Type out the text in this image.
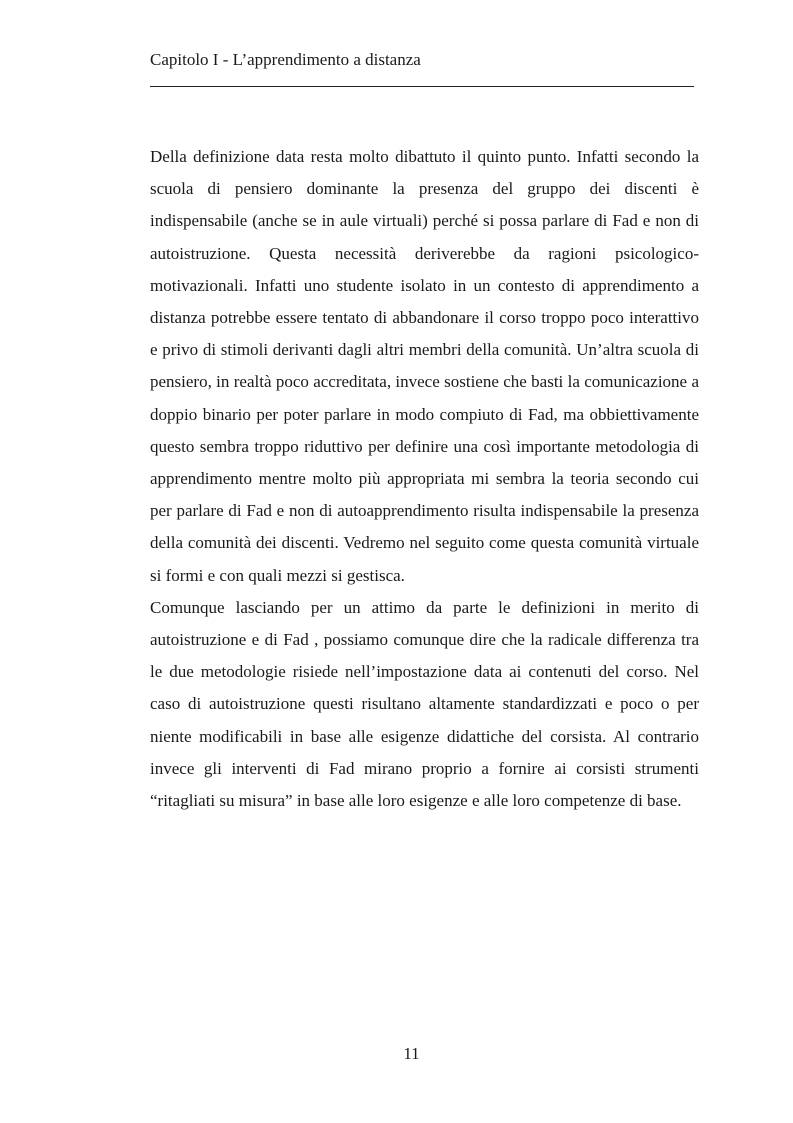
Capitolo I - L’apprendimento a distanza

Della definizione data resta molto dibattuto il quinto punto. Infatti secondo la scuola di pensiero dominante la presenza del gruppo dei discenti è indispensabile (anche se in aule virtuali) perché si possa parlare di Fad e non di autoistruzione. Questa necessità deriverebbe da ragioni psicologico-motivazionali. Infatti uno studente isolato in un contesto di apprendimento a distanza potrebbe essere tentato di abbandonare il corso troppo poco interattivo e privo di stimoli derivanti dagli altri membri della comunità. Un’altra scuola di pensiero, in realtà poco accreditata, invece sostiene che basti la comunicazione a doppio binario per poter parlare in modo compiuto di Fad, ma obbiettivamente questo sembra troppo riduttivo per definire una così importante metodologia di apprendimento mentre molto più appropriata mi sembra la teoria secondo cui per parlare di Fad e non di autoapprendimento risulta indispensabile la presenza della comunità dei discenti. Vedremo nel seguito come questa comunità virtuale si formi e con quali mezzi si gestisca.

Comunque lasciando per un attimo da parte le definizioni in merito di autoistruzione e di Fad , possiamo comunque dire che la radicale differenza tra le due metodologie risiede nell’impostazione data ai contenuti del corso. Nel caso di autoistruzione questi risultano altamente standardizzati e poco o per niente modificabili in base alle esigenze didattiche del corsista. Al contrario invece gli interventi di Fad mirano proprio a fornire ai corsisti strumenti “ritagliati su misura” in base alle loro esigenze e alle loro competenze di base.

11
